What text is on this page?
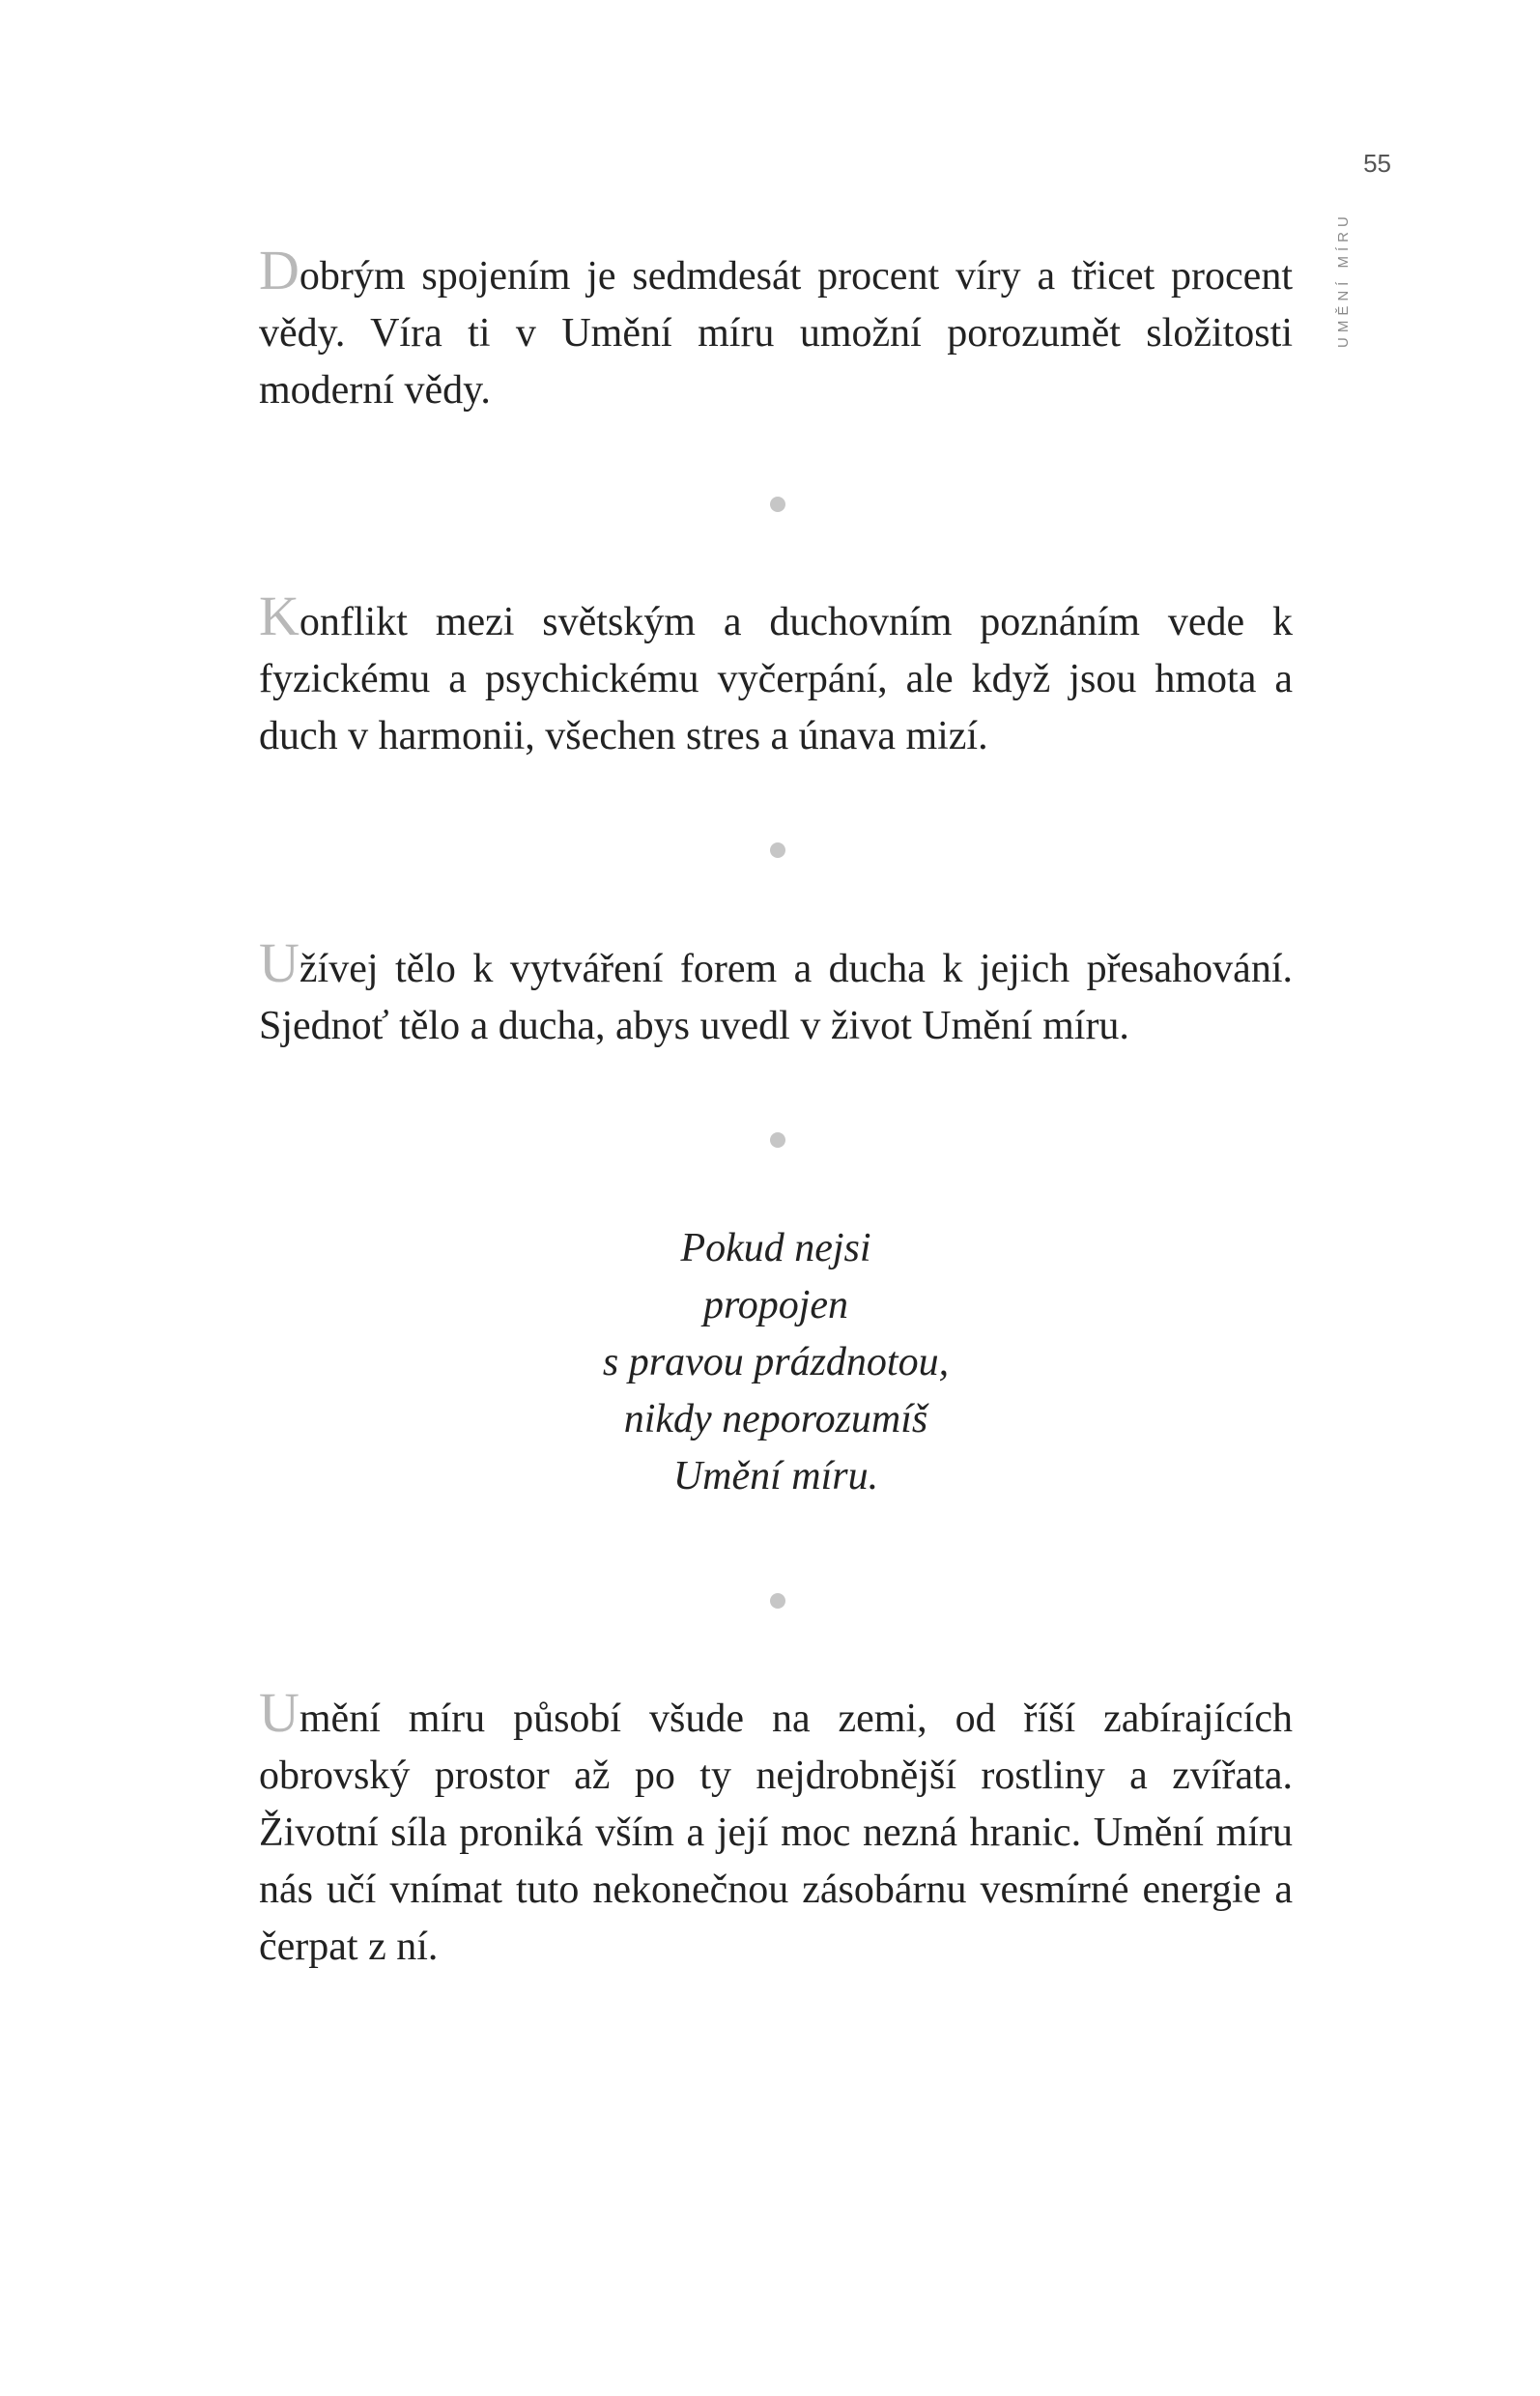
55
UMĚNÍ MÍRU

Dobrým spojením je sedmdesát procent víry a třicet procent vědy. Víra ti v Umění míru umožní porozumět složitosti moderní vědy.

Konflikt mezi světským a duchovním poznáním vede k fyzickému a psychickému vyčerpání, ale když jsou hmota a duch v harmonii, všechen stres a únava mizí.

Užívej tělo k vytváření forem a ducha k jejich přesahování. Sjednoť tělo a ducha, abys uvedl v život Umění míru.

Pokud nejsi
propojen
s pravou prázdnotou,
nikdy neporozumíš
Umění míru.

Umění míru působí všude na zemi, od říší zabírajících obrovský prostor až po ty nejdrobnější rostliny a zvířata. Životní síla proniká vším a její moc nezná hranic. Umění míru nás učí vnímat tuto nekonečnou zásobárnu vesmírné energie a čerpat z ní.
